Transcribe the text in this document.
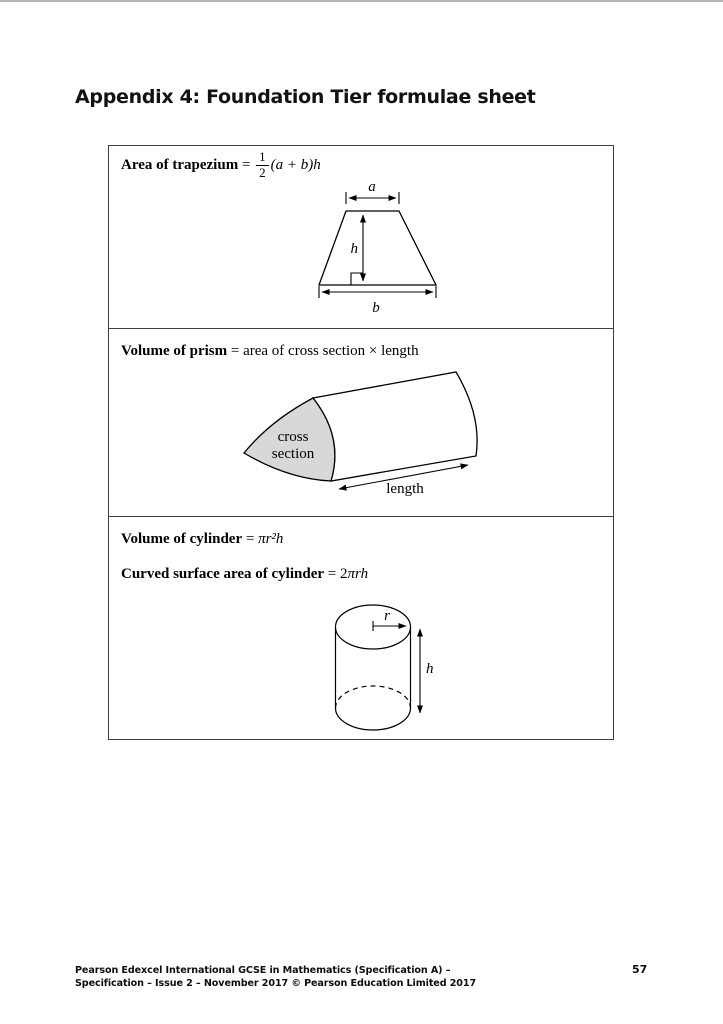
Appendix 4: Foundation Tier formulae sheet
Area of trapezium
=
$\frac{1}{2} (a + b)h$
a
h
b
Volume of prism
= area of cross section × length
cross
section
length
Volume of cylinder
=
πr²h
Curved surface area of cylinder
= 2 πrh
r
h
Pearson Edexcel International GCSE in Mathematics (Specification A) –
Specification – Issue 2 – November 2017 © Pearson Education Limited 2017
57
